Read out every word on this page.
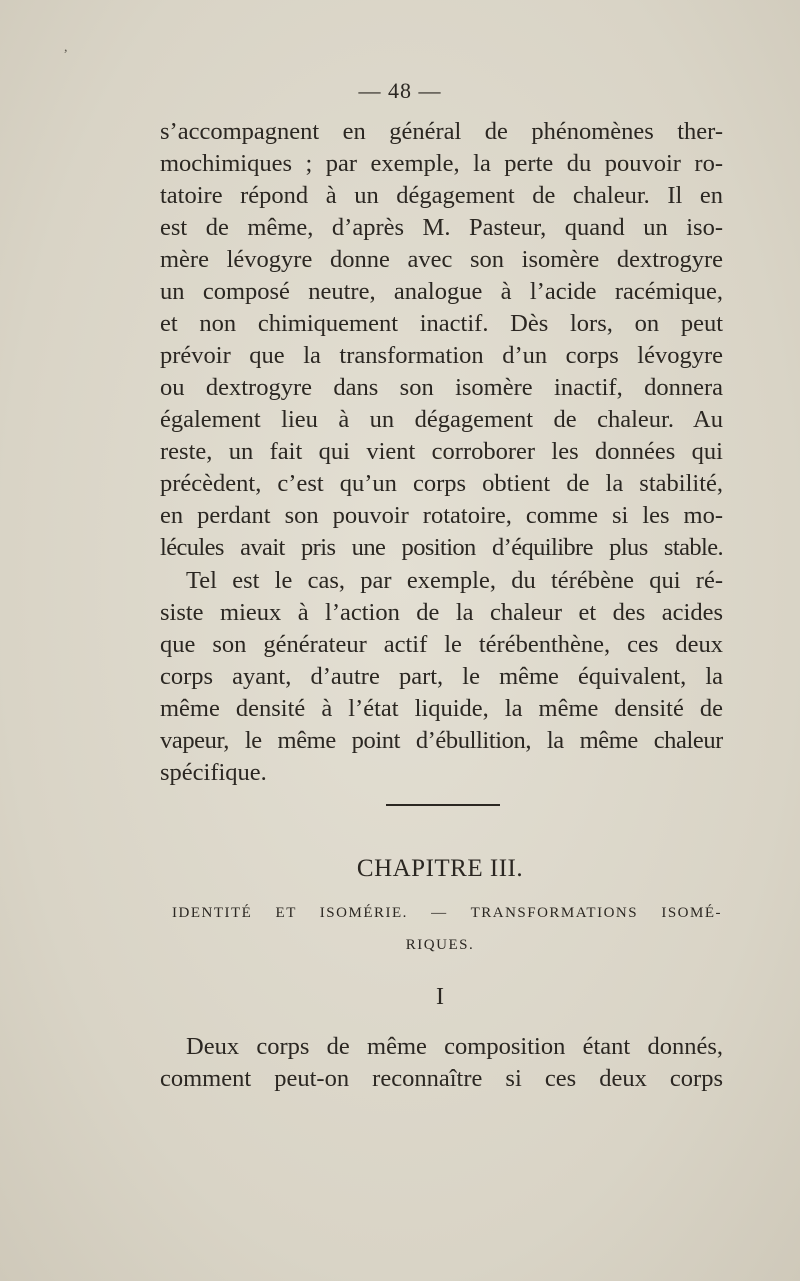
,
— 48 —
s’accompagnent en général de phénomènes ther-
mochimiques ; par exemple, la perte du pouvoir ro-
tatoire répond à un dégagement de chaleur. Il en
est de même, d’après M. Pasteur, quand un iso-
mère lévogyre donne avec son isomère dextrogyre
un composé neutre, analogue à l’acide racémique,
et non chimiquement inactif. Dès lors, on peut
prévoir que la transformation d’un corps lévogyre
ou dextrogyre dans son isomère inactif, donnera
également lieu à un dégagement de chaleur. Au
reste, un fait qui vient corroborer les données qui
précèdent, c’est qu’un corps obtient de la stabilité,
en perdant son pouvoir rotatoire, comme si les mo-
lécules avait pris une position d’équilibre plus stable.
Tel est le cas, par exemple, du térébène qui ré-
siste mieux à l’action de la chaleur et des acides
que son générateur actif le térébenthène, ces deux
corps ayant, d’autre part, le même équivalent, la
même densité à l’état liquide, la même densité de
vapeur, le même point d’ébullition, la même chaleur
spécifique.
CHAPITRE III.
IDENTITÉ ET ISOMÉRIE. — TRANSFORMATIONS ISOMÉ-
RIQUES.
I
Deux corps de même composition étant donnés,
comment peut-on reconnaître si ces deux corps
